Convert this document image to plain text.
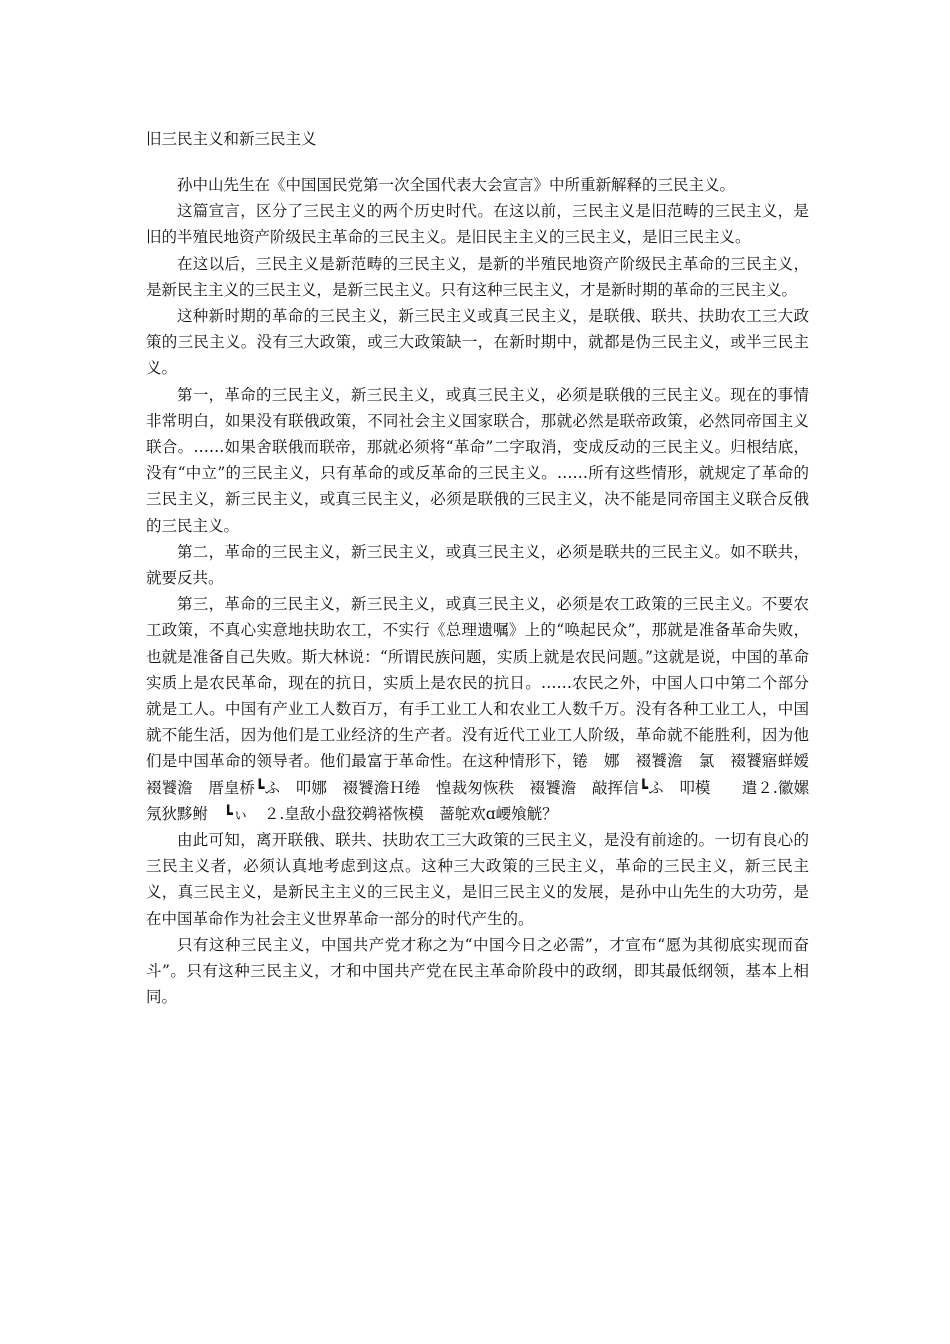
旧三民主义和新三民主义

孙中山先生在《中国国民党第一次全国代表大会宣言》中所重新解释的三民主义。

这篇宣言，区分了三民主义的两个历史时代。在这以前，三民主义是旧范畴的三民主义，是旧的半殖民地资产阶级民主革命的三民主义。是旧民主主义的三民主义，是旧三民主义。

在这以后，三民主义是新范畴的三民主义，是新的半殖民地资产阶级民主革命的三民主义，是新民主主义的三民主义，是新三民主义。只有这种三民主义，才是新时期的革命的三民主义。

这种新时期的革命的三民主义，新三民主义或真三民主义，是联俄、联共、扶助农工三大政策的三民主义。没有三大政策，或三大政策缺一，在新时期中，就都是伪三民主义，或半三民主义。

第一，革命的三民主义，新三民主义，或真三民主义，必须是联俄的三民主义。现在的事情非常明白，如果没有联俄政策，不同社会主义国家联合，那就必然是联帝政策，必然同帝国主义联合。……如果舍联俄而联帝，那就必须将“革命”二字取消，变成反动的三民主义。归根结底，没有“中立”的三民主义，只有革命的或反革命的三民主义。……所有这些情形，就规定了革命的三民主义，新三民主义，或真三民主义，必须是联俄的三民主义，决不能是同帝国主义联合反俄的三民主义。

第二，革命的三民主义，新三民主义，或真三民主义，必须是联共的三民主义。如不联共，就要反共。

第三，革命的三民主义，新三民主义，或真三民主义，必须是农工政策的三民主义。不要农工政策，不真心实意地扶助农工，不实行《总理遗嘱》上的“唤起民众”，那就是准备革命失败，也就是准备自己失败。斯大林说：“所谓民族问题，实质上就是农民问题。”这就是说，中国的革命实质上是农民革命，现在的抗日，实质上是农民的抗日。……农民之外，中国人口中第二个部分就是工人。中国有产业工人数百万，有手工业工人和农业工人数千万。没有各种工业工人，中国就不能生活，因为他们是工业经济的生产者。没有近代工业工人阶级，革命就不能胜利，因为他们是中国革命的领导者。他们最富于革命性。在这种情形下，锩　娜　裰饕澹　氯　裰饕寤蛘嫒　裰饕澹　厝皇桥┗ふ　叩娜　裰饕澹Ｈ绻　惶裁匆恢秩　裰饕澹　敲挥信┗ふ　叩模　　遣２.徽嫘氖狄黟鲋　┗ぃ　２.皇敌小盘狡鹈褡恢模　蔷鸵欢ɑ崾飧觥？

由此可知，离开联俄、联共、扶助农工三大政策的三民主义，是没有前途的。一切有良心的三民主义者，必须认真地考虑到这点。这种三大政策的三民主义，革命的三民主义，新三民主义，真三民主义，是新民主主义的三民主义，是旧三民主义的发展，是孙中山先生的大功劳，是在中国革命作为社会主义世界革命一部分的时代产生的。

只有这种三民主义，中国共产党才称之为“中国今日之必需”，才宣布“愿为其彻底实现而奋斗”。只有这种三民主义，才和中国共产党在民主革命阶段中的政纲，即其最低纲领，基本上相同。
